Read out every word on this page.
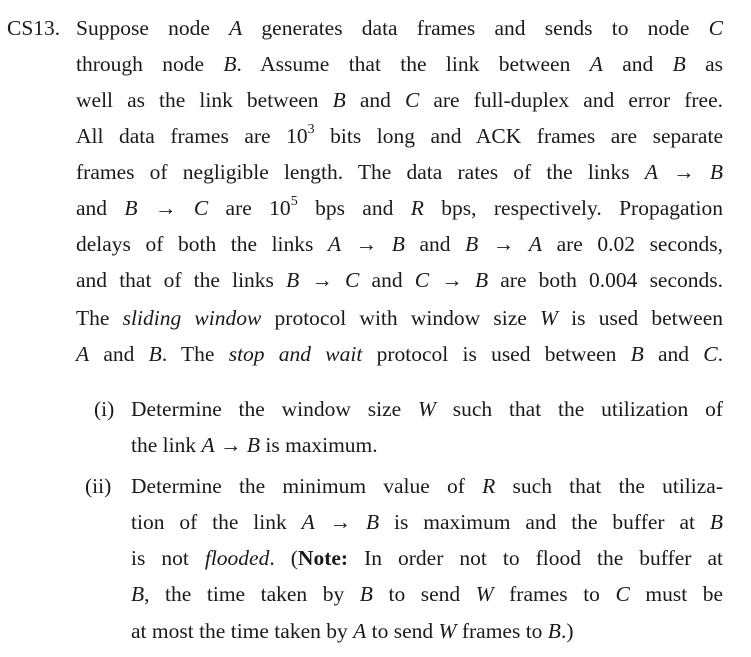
CS13. Suppose node A generates data frames and sends to node C
through node B. Assume that the link between A and B as
well as the link between B and C are full-duplex and error free.
All data frames are $10^3$ bits long and ACK frames are separate
frames of negligible length. The data rates of the links A → B
and B → C are $10^5$ bps and R bps, respectively. Propagation
delays of both the links A → B and B → A are 0.02 seconds,
and that of the links B → C and C → B are both 0.004 seconds.
The sliding window protocol with window size W is used between
A and B. The stop and wait protocol is used between B and C.
(i) Determine the window size W such that the utilization of
the link A → B is maximum.
(ii) Determine the minimum value of R such that the utiliza-
tion of the link A → B is maximum and the buffer at B
is not flooded. (Note: In order not to flood the buffer at
B, the time taken by B to send W frames to C must be
at most the time taken by A to send W frames to B.)
